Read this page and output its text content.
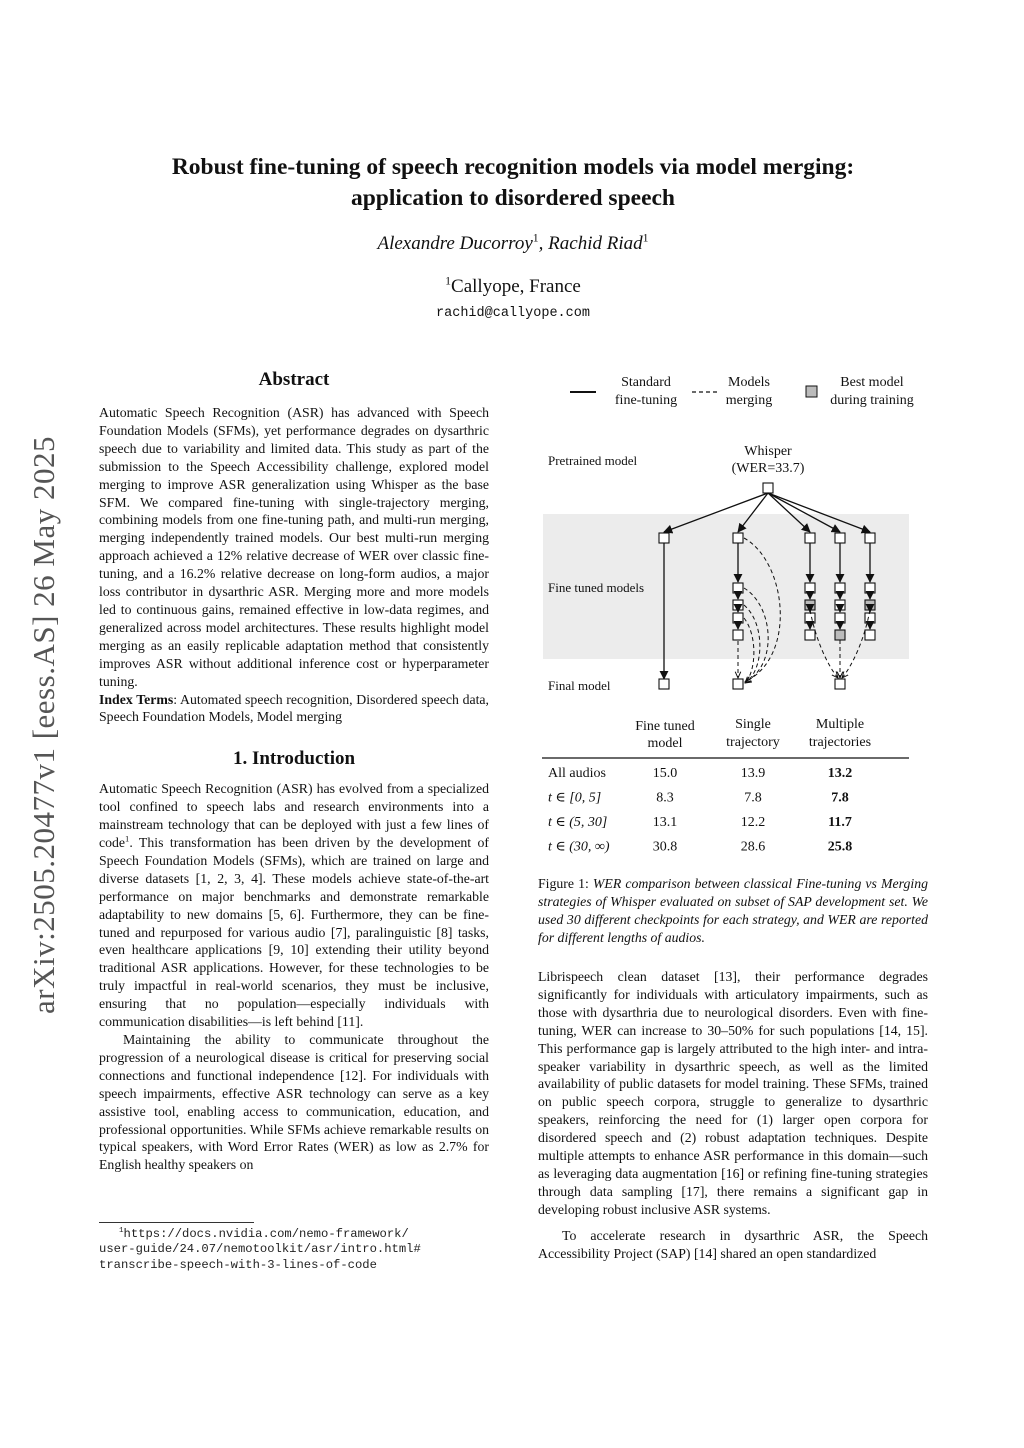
arXiv:2505.20477v1 [eess.AS] 26 May 2025
Robust fine-tuning of speech recognition models via model merging:
application to disordered speech
Alexandre Ducorroy$^1$, Rachid Riad$^1$
$^1$Callyope, France
rachid@callyope.com
Abstract

Automatic Speech Recognition (ASR) has advanced with Speech Foundation Models (SFMs), yet performance degrades on dysarthric speech due to variability and limited data. This study as part of the submission to the Speech Accessibility challenge, explored model merging to improve ASR generalization using Whisper as the base SFM. We compared fine-tuning with single-trajectory merging, combining models from one fine-tuning path, and multi-run merging, merging independently trained models. Our best multi-run merging approach achieved a 12% relative decrease of WER over classic fine-tuning, and a 16.2% relative decrease on long-form audios, a major loss contributor in dysarthric ASR. Merging more and more models led to continuous gains, remained effective in low-data regimes, and generalized across model architectures. These results highlight model merging as an easily replicable adaptation method that consistently improves ASR without additional inference cost or hyperparameter tuning.

Index Terms: Automated speech recognition, Disordered speech data, Speech Foundation Models, Model merging

1. Introduction

Automatic Speech Recognition (ASR) has evolved from a specialized tool confined to speech labs and research environments into a mainstream technology that can be deployed with just a few lines of code$^1$. This transformation has been driven by the development of Speech Foundation Models (SFMs), which are trained on large and diverse datasets [1, 2, 3, 4]. These models achieve state-of-the-art performance on major benchmarks and demonstrate remarkable adaptability to new domains [5, 6]. Furthermore, they can be fine-tuned and repurposed for various audio [7], paralinguistic [8] tasks, even healthcare applications [9, 10] extending their utility beyond traditional ASR applications. However, for these technologies to be truly impactful in real-world scenarios, they must be inclusive, ensuring that no population—especially individuals with communication disabilities—is left behind [11].

Maintaining the ability to communicate throughout the progression of a neurological disease is critical for preserving social connections and functional independence [12]. For individuals with speech impairments, effective ASR technology can serve as a key assistive tool, enabling access to communication, education, and professional opportunities. While SFMs achieve remarkable results on typical speakers, with Word Error Rates (WER) as low as 2.7% for English healthy speakers on

$^1$https://docs.nvidia.com/nemo-framework/
user-guide/24.07/nemotoolkit/asr/intro.html#
transcribe-speech-with-3-lines-of-code
Standard
fine-tuning
Models
merging
Best model
during training
Pretrained model
Fine tuned models
Final model
Whisper
(WER=33.7)
Fine tuned
model
Single
trajectory
Multiple
trajectories
All audios	15.0	13.9	13.2
t ∈ [0, 5]	8.3	7.8	7.8
t ∈ (5, 30]	13.1	12.2	11.7
t ∈ (30, ∞)	30.8	28.6	25.8
Figure 1: WER comparison between classical Fine-tuning vs Merging strategies of Whisper evaluated on subset of SAP development set. We used 30 different checkpoints for each strategy, and WER are reported for different lengths of audios.

Librispeech clean dataset [13], their performance degrades significantly for individuals with articulatory impairments, such as those with dysarthria due to neurological disorders. Even with fine-tuning, WER can increase to 30–50% for such populations [14, 15]. This performance gap is largely attributed to the high inter- and intra-speaker variability in dysarthric speech, as well as the limited availability of public datasets for model training. These SFMs, trained on public speech corpora, struggle to generalize to dysarthric speakers, reinforcing the need for (1) larger open corpora for disordered speech and (2) robust adaptation techniques. Despite multiple attempts to enhance ASR performance in this domain—such as leveraging data augmentation [16] or refining fine-tuning strategies through data sampling [17], there remains a significant gap in developing robust inclusive ASR systems.

To accelerate research in dysarthric ASR, the Speech Accessibility Project (SAP) [14] shared an open standardized
